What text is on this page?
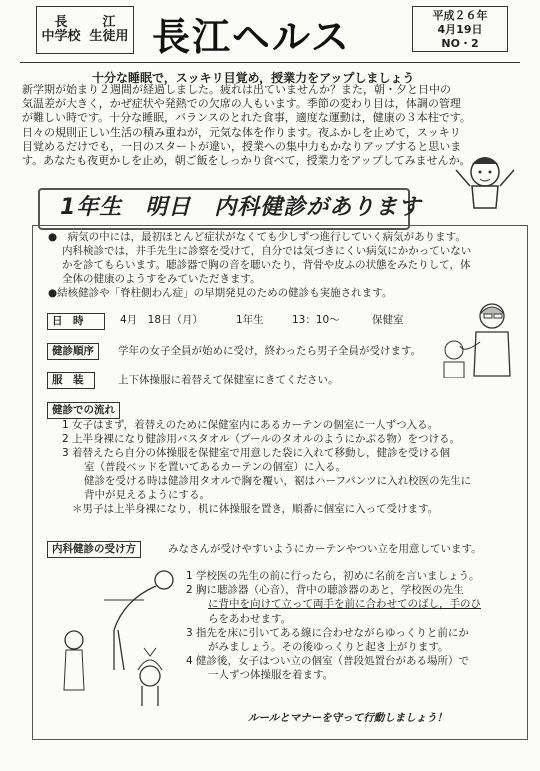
長	江
中学校 生徒用 長江ヘルス	平成２６年
4月19日
NO・2
十分な睡眠で，スッキリ目覚め，授業力をアップしましょう

新学期が始まり２週間が経過しました。疲れは出ていませんか？また，朝・夕と日中の

気温差が大きく，かぜ症状や発熱での欠席の人もいます。季節の変わり目は，体調の管理

が難しい時です。十分な睡眠，バランスのとれた食事，適度な運動は，健康の３本柱です。

日々の規則正しい生活の積み重ねが，元気な体を作ります。夜ふかしを止めて，スッキリ

目覚めるだけでも，一日のスタートが違い，授業への集中力もかなりアップすると思いま

す。あなたも夜更かしを止め，朝ご飯をしっかり食べて，授業力をアップしてみませんか。

1年生　明日　内科健診があります
●　病気の中には，最初ほとんど症状がなくても少しずつ進行していく病気があります。
内科検診では，井手先生に診察を受けて，自分では気づきにくい病気にかかっていない
かを診てもらいます。聴診器で胸の音を聴いたり，背骨や皮ふの状態をみたりして，体
全体の健康のようすをみていただきます。
●結核健診や「脊柱側わん症」の早期発見のための健診も実施されます。
日　時	4月　18日（月）	1年生	13：10～	保健室
健診順序	学年の女子全員が始めに受け，終わったら男子全員が受けます。
服　装	上下体操服に着替えて保健室にきてください。
健診での流れ
1 女子はまず，着替えのために保健室内にあるカーテンの個室に一人ずつ入る。
2 上半身裸になり健診用バスタオル（プールのタオルのようにかぶる物）をつける。
3 着替えたら自分の体操服を保健室で用意した袋に入れて移動し，健診を受ける個
室（普段ベッドを置いてあるカーテンの個室）に入る。
健診を受ける時は健診用タオルで胸を覆い，裾はハーフパンツに入れ校医の先生に
背中が見えるようにする。
＊男子は上半身裸になり，机に体操服を置き，順番に個室に入って受けます。
内科健診の受け方	みなさんが受けやすいようにカーテンやつい立を用意しています。
1 学校医の先生の前に行ったら，初めに名前を言いましょう。
2 胸に聴診器（心音），背中の聴診器のあと，学校医の先生
に背中を向けて立って両手を前に合わせてのばし，手のひ
らをあわせます。
3 指先を床に引いてある線に合わせながらゆっくりと前にか
がみましょう。その後ゆっくりと起き上がります。
4 健診後，女子はつい立の個室（普段処置台がある場所）で
一人ずつ体操服を着ます。
ルールとマナーを守って行動しましょう！
